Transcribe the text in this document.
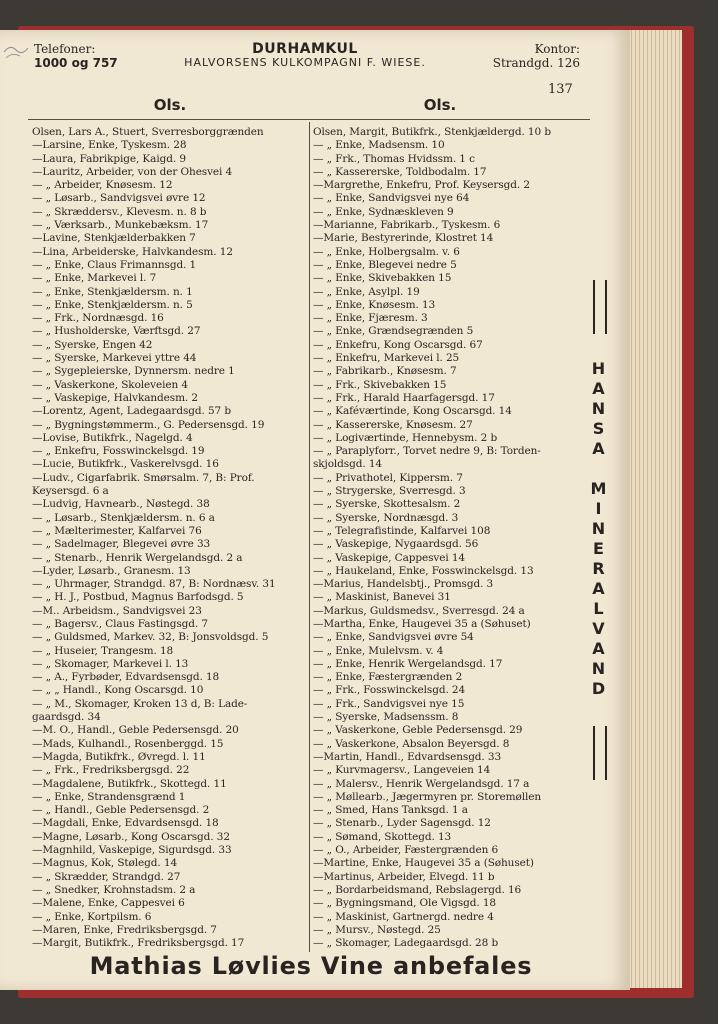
Telefoner:
1000 og 757
DURHAMKUL
HALVORSENS KULKOMPAGNI F. WIESE.
Kontor:
Strandgd. 126
137
Ols.	Ols.
Olsen, Lars A., Stuert, Sverresborggrænden
—Larsine, Enke, Tyskesm. 28
—Laura, Fabrikpige, Kaigd. 9
—Lauritz, Arbeider, von der Ohesvei 4
— „ Arbeider, Knøsesm. 12
— „ Løsarb., Sandvigsvei øvre 12
— „ Skræddersv., Klevesm. n. 8 b
— „ Værksarb., Munkebæksm. 17
—Lavine, Stenkjælderbakken 7
—Lina, Arbeiderske, Halvkandesm. 12
— „ Enke, Claus Frimannsgd. 1
— „ Enke, Markevei l. 7
— „ Enke, Stenkjældersm. n. 1
— „ Enke, Stenkjældersm. n. 5
— „ Frk., Nordnæsgd. 16
— „ Husholderske, Værftsgd. 27
— „ Syerske, Engen 42
— „ Syerske, Markevei yttre 44
— „ Sygepleierske, Dynnersm. nedre 1
— „ Vaskerkone, Skoleveien 4
— „ Vaskepige, Halvkandesm. 2
—Lorentz, Agent, Ladegaardsgd. 57 b
— „ Bygningstømmerm., G. Pedersensgd. 19
—Lovise, Butikfrk., Nagelgd. 4
— „ Enkefru, Fosswinckelsgd. 19
—Lucie, Butikfrk., Vaskerelvsgd. 16
—Ludv., Cigarfabrik. Smørsalm. 7, B: Prof.
Keysersgd. 6 a
—Ludvig, Havnearb., Nøstegd. 38
— „ Løsarb., Stenkjældersm. n. 6 a
— „ Mælterimester, Kalfarvei 76
— „ Sadelmager, Blegevei øvre 33
— „ Stenarb., Henrik Wergelandsgd. 2 a
—Lyder, Løsarb., Granesm. 13
— „ Uhrmager, Strandgd. 87, B: Nordnæsv. 31
— „ H. J., Postbud, Magnus Barfodsgd. 5
—M.. Arbeidsm., Sandvigsvei 23
— „ Bagersv., Claus Fastingsgd. 7
— „ Guldsmed, Markev. 32, B: Jonsvoldsgd. 5
— „ Huseier, Trangesm. 18
— „ Skomager, Markevei l. 13
— „ A., Fyrbøder, Edvardsensgd. 18
— „ „ Handl., Kong Oscarsgd. 10
— „ M., Skomager, Kroken 13 d, B: Lade-
gaardsgd. 34
—M. O., Handl., Geble Pedersensgd. 20
—Mads, Kulhandl., Rosenberggd. 15
—Magda, Butikfrk., Øvregd. l. 11
— „ Frk., Fredriksbergsgd. 22
—Magdalene, Butikfrk., Skottegd. 11
— „ Enke, Strandensgrænd 1
— „ Handl., Geble Pedersensgd. 2
—Magdali, Enke, Edvardsensgd. 18
—Magne, Løsarb., Kong Oscarsgd. 32
—Magnhild, Vaskepige, Sigurdsgd. 33
—Magnus, Kok, Stølegd. 14
— „ Skrædder, Strandgd. 27
— „ Snedker, Krohnstadsm. 2 a
—Malene, Enke, Cappesvei 6
— „ Enke, Kortpilsm. 6
—Maren, Enke, Fredriksbergsgd. 7
—Margit, Butikfrk., Fredriksbergsgd. 17
Olsen, Margit, Butikfrk., Stenkjældergd. 10 b
— „ Enke, Madsensm. 10
— „ Frk., Thomas Hvidssm. 1 c
— „ Kassererske, Toldbodalm. 17
—Margrethe, Enkefru, Prof. Keysersgd. 2
— „ Enke, Sandvigsvei nye 64
— „ Enke, Sydnæskleven 9
—Marianne, Fabrikarb., Tyskesm. 6
—Marie, Bestyrerinde, Klostret 14
— „ Enke, Holbergsalm. v. 6
— „ Enke, Blegevei nedre 5
— „ Enke, Skivebakken 15
— „ Enke, Asylpl. 19
— „ Enke, Knøsesm. 13
— „ Enke, Fjæresm. 3
— „ Enke, Grændsegrænden 5
— „ Enkefru, Kong Oscarsgd. 67
— „ Enkefru, Markevei l. 25
— „ Fabrikarb., Knøsesm. 7
— „ Frk., Skivebakken 15
— „ Frk., Harald Haarfagersgd. 17
— „ Kaféværtinde, Kong Oscarsgd. 14
— „ Kassererske, Knøsesm. 27
— „ Logiværtinde, Hennebysm. 2 b
— „ Paraplyforr., Torvet nedre 9, B: Torden-
skjoldsgd. 14
— „ Privathotel, Kippersm. 7
— „ Strygerske, Sverresgd. 3
— „ Syerske, Skottesalsm. 2
— „ Syerske, Nordnæsgd. 3
— „ Telegrafistinde, Kalfarvei 108
— „ Vaskepige, Nygaardsgd. 56
— „ Vaskepige, Cappesvei 14
— „ Haukeland, Enke, Fosswinckelsgd. 13
—Marius, Handelsbtj., Promsgd. 3
— „ Maskinist, Banevei 31
—Markus, Guldsmedsv., Sverresgd. 24 a
—Martha, Enke, Haugevei 35 a (Søhuset)
— „ Enke, Sandvigsvei øvre 54
— „ Enke, Mulelvsm. v. 4
— „ Enke, Henrik Wergelandsgd. 17
— „ Enke, Fæstergrænden 2
— „ Frk., Fosswinckelsgd. 24
— „ Frk., Sandvigsvei nye 15
— „ Syerske, Madsenssm. 8
— „ Vaskerkone, Geble Pedersensgd. 29
— „ Vaskerkone, Absalon Beyersgd. 8
—Martin, Handl., Edvardsensgd. 33
— „ Kurvmagersv., Langeveien 14
— „ Malersv., Henrik Wergelandsgd. 17 a
— „ Møllearb., Jægermyren pr. Storemøllen
— „ Smed, Hans Tanksgd. 1 a
— „ Stenarb., Lyder Sagensgd. 12
— „ Sømand, Skottegd. 13
— „ O., Arbeider, Fæstergrænden 6
—Martine, Enke, Haugevei 35 a (Søhuset)
—Martinus, Arbeider, Elvegd. 11 b
— „ Bordarbeidsmand, Rebslagergd. 16
— „ Bygningsmand, Ole Vigsgd. 18
— „ Maskinist, Gartnergd. nedre 4
— „ Mursv., Nøstegd. 25
— „ Skomager, Ladegaardsgd. 28 b
HANSA MINERALVAND
Mathias Løvlies Vine anbefales
